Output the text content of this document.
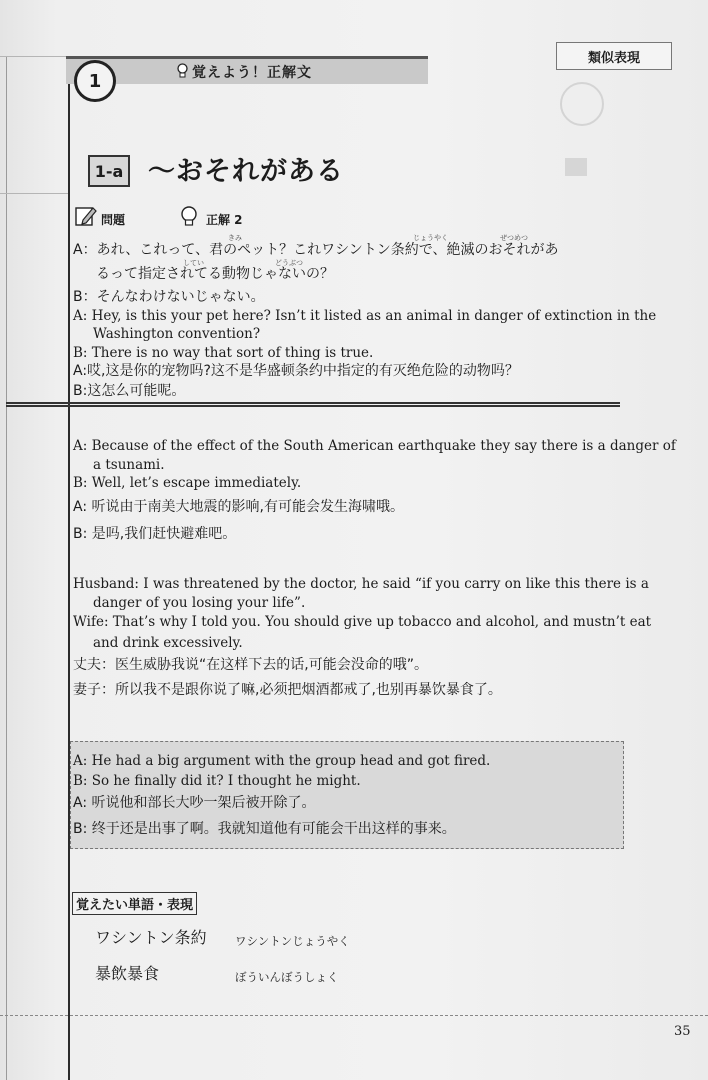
類似表現
1	覚えよう！正解文
1-a 〜おそれがある
問題	正解 2
きみ	じょうやく	ぜつめつ
してい	どうぶつ
A：あれ、これって、君のペット？これワシントン条約で、絶滅のおそれがあ
るって指定されてる動物じゃないの？
B：そんなわけないじゃない。
A: Hey, is this your pet here? Isn’t it listed as an animal in danger of extinction in the
Washington convention?
B: There is no way that sort of thing is true.
A:哎,这是你的宠物吗?这不是华盛顿条约中指定的有灭绝危险的动物吗？
B:这怎么可能呢。
A: Because of the effect of the South American earthquake they say there is a danger of
a tsunami.
B: Well, let’s escape immediately.
A: 听说由于南美大地震的影响,有可能会发生海啸哦。
B: 是吗,我们赶快避难吧。
Husband: I was threatened by the doctor, he said “if you carry on like this there is a
danger of you losing your life”.
Wife: That’s why I told you. You should give up tobacco and alcohol, and mustn’t eat
and drink excessively.
丈夫：医生威胁我说“在这样下去的话,可能会没命的哦”。
妻子：所以我不是跟你说了嘛,必须把烟酒都戒了,也别再暴饮暴食了。
A: He had a big argument with the group head and got fired.
B: So he finally did it? I thought he might.
A: 听说他和部长大吵一架后被开除了。
B: 终于还是出事了啊。我就知道他有可能会干出这样的事来。
覚えたい単語・表現
ワシントン条約 ワシントンじょうやく
暴飲暴食	ぼういんぼうしょく
35
